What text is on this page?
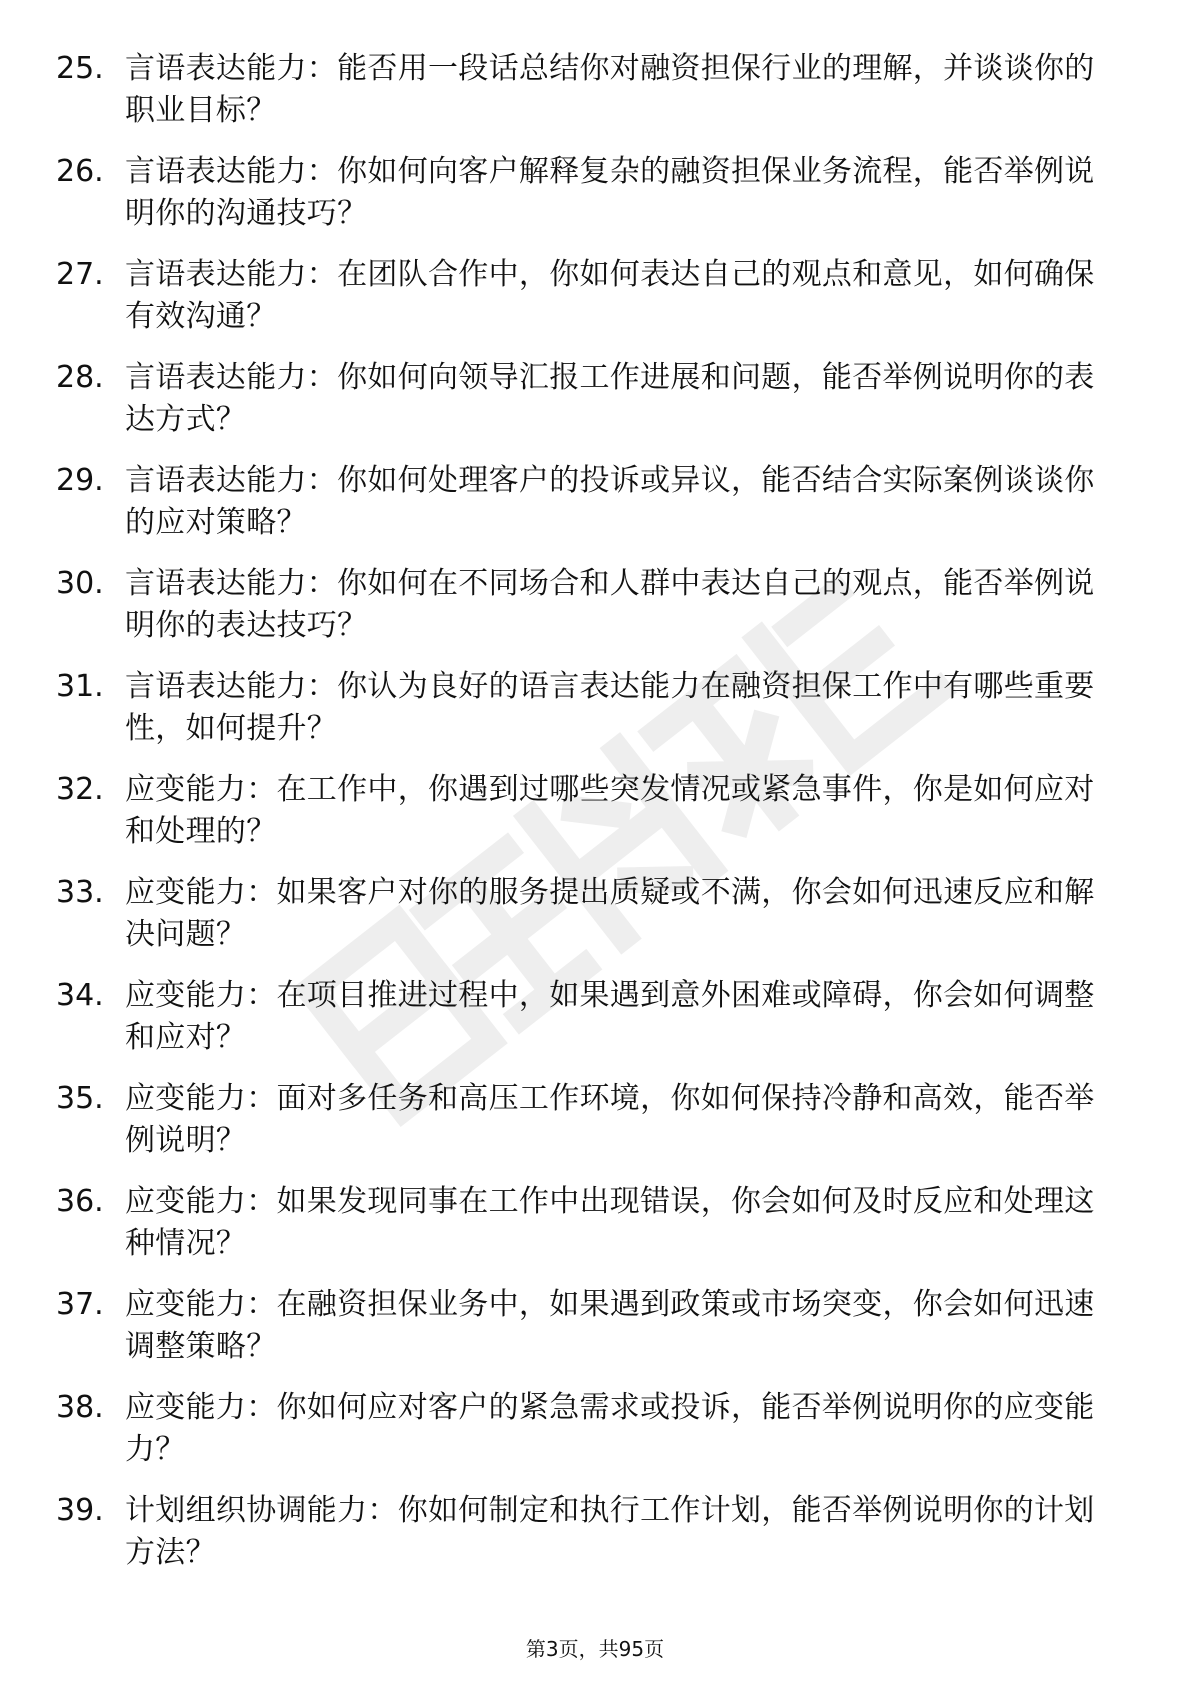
25. 言语表达能力：能否用一段话总结你对融资担保行业的理解，并谈谈你的职业目标？
26. 言语表达能力：你如何向客户解释复杂的融资担保业务流程，能否举例说明你的沟通技巧？
27. 言语表达能力：在团队合作中，你如何表达自己的观点和意见，如何确保有效沟通？
28. 言语表达能力：你如何向领导汇报工作进展和问题，能否举例说明你的表达方式？
29. 言语表达能力：你如何处理客户的投诉或异议，能否结合实际案例谈谈你的应对策略？
30. 言语表达能力：你如何在不同场合和人群中表达自己的观点，能否举例说明你的表达技巧？
31. 言语表达能力：你认为良好的语言表达能力在融资担保工作中有哪些重要性，如何提升？
32. 应变能力：在工作中，你遇到过哪些突发情况或紧急事件，你是如何应对和处理的？
33. 应变能力：如果客户对你的服务提出质疑或不满，你会如何迅速反应和解决问题？
34. 应变能力：在项目推进过程中，如果遇到意外困难或障碍，你会如何调整和应对？
35. 应变能力：面对多任务和高压工作环境，你如何保持冷静和高效，能否举例说明？
36. 应变能力：如果发现同事在工作中出现错误，你会如何及时反应和处理这种情况？
37. 应变能力：在融资担保业务中，如果遇到政策或市场突变，你会如何迅速调整策略？
38. 应变能力：你如何应对客户的紧急需求或投诉，能否举例说明你的应变能力？
39. 计划组织协调能力：你如何制定和执行工作计划，能否举例说明你的计划方法？
第3页，共95页
